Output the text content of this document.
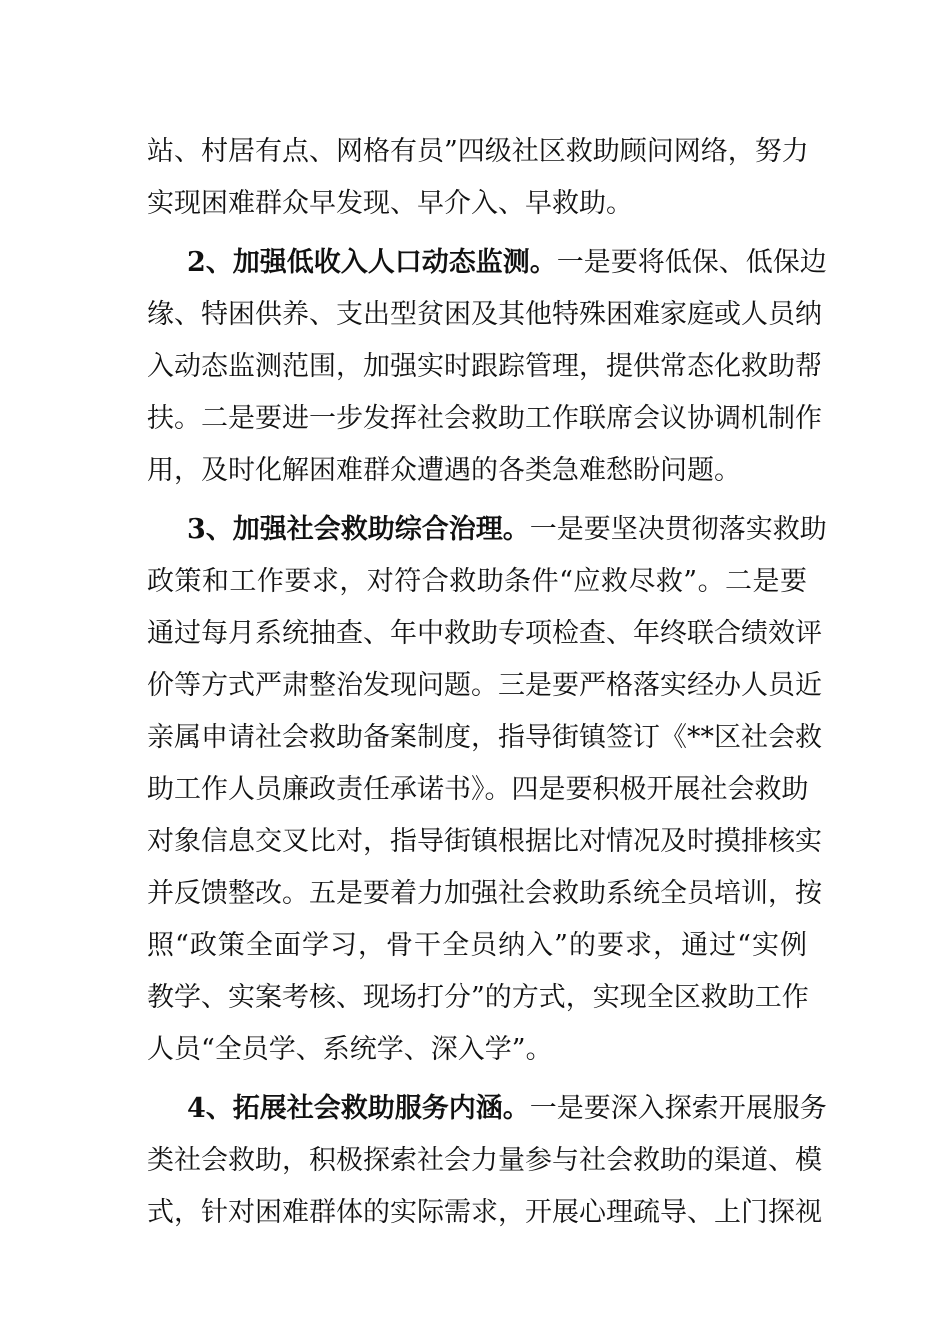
站、村居有点、网格有员”四级社区救助顾问网络，努力
实现困难群众早发现、早介入、早救助。
2、加强低收入人口动态监测。一是要将低保、低保边
缘、特困供养、支出型贫困及其他特殊困难家庭或人员纳
入动态监测范围，加强实时跟踪管理，提供常态化救助帮
扶。二是要进一步发挥社会救助工作联席会议协调机制作
用，及时化解困难群众遭遇的各类急难愁盼问题。
3、加强社会救助综合治理。一是要坚决贯彻落实救助
政策和工作要求，对符合救助条件“应救尽救”。二是要
通过每月系统抽查、年中救助专项检查、年终联合绩效评
价等方式严肃整治发现问题。三是要严格落实经办人员近
亲属申请社会救助备案制度，指导街镇签订《**区社会救
助工作人员廉政责任承诺书》。四是要积极开展社会救助
对象信息交叉比对，指导街镇根据比对情况及时摸排核实
并反馈整改。五是要着力加强社会救助系统全员培训，按
照“政策全面学习，骨干全员纳入”的要求，通过“实例
教学、实案考核、现场打分”的方式，实现全区救助工作
人员“全员学、系统学、深入学”。
4、拓展社会救助服务内涵。一是要深入探索开展服务
类社会救助，积极探索社会力量参与社会救助的渠道、模
式，针对困难群体的实际需求，开展心理疏导、上门探视
